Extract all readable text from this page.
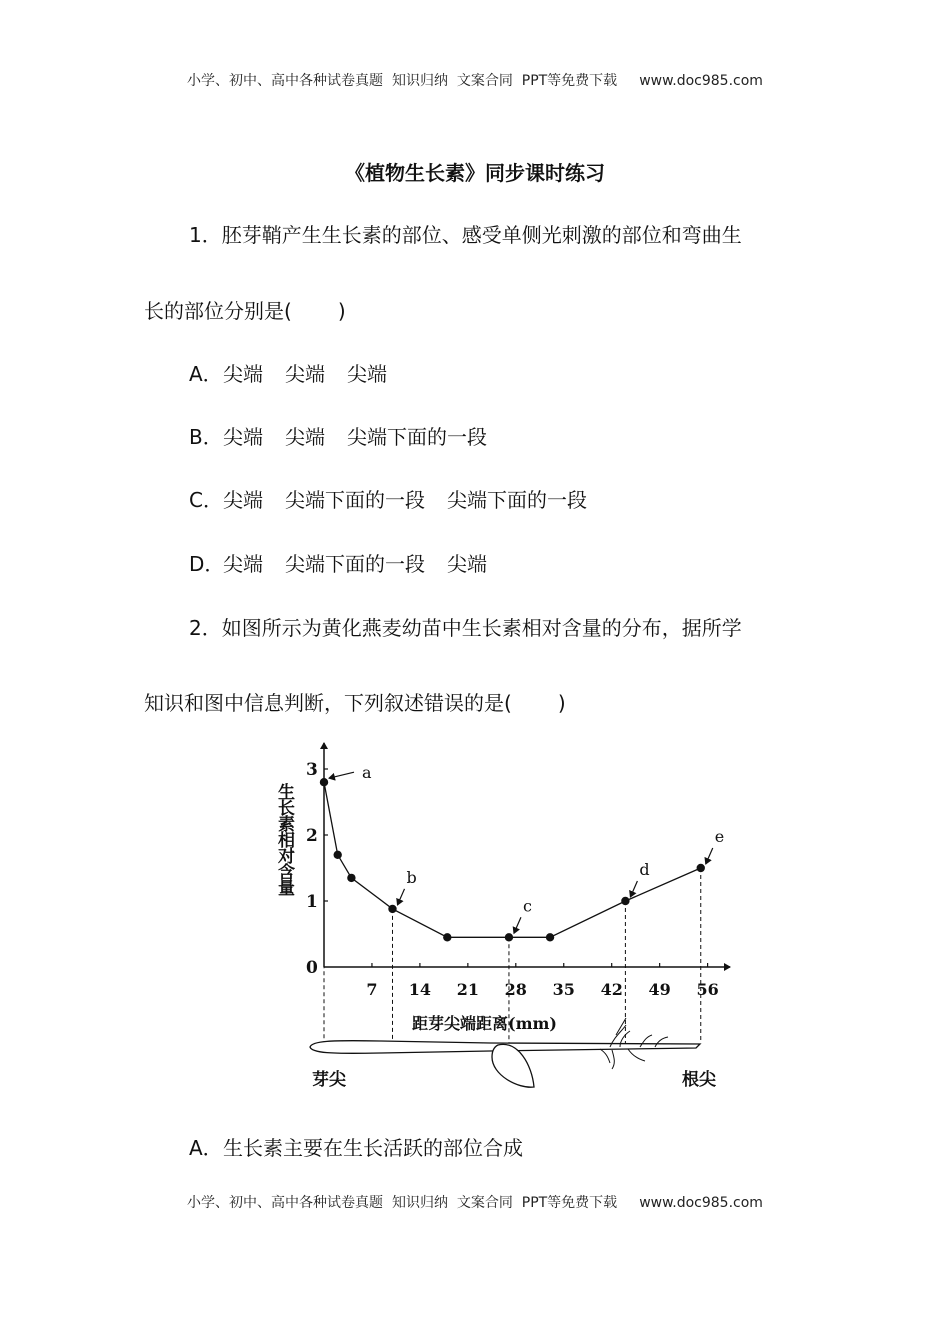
小学、初中、高中各种试卷真题  知识归纳  文案合同  PPT等免费下载 www.doc985.com
《植物生长素》同步课时练习
1．胚芽鞘产生生长素的部位、感受单侧光刺激的部位和弯曲生
长的部位分别是( )
A．尖端 尖端 尖端
B．尖端 尖端 尖端下面的一段
C．尖端 尖端下面的一段 尖端下面的一段
D．尖端 尖端下面的一段 尖端
2．如图所示为黄化燕麦幼苗中生长素相对含量的分布，据所学
知识和图中信息判断，下列叙述错误的是( )
生长素相对含量
距芽尖端距离(mm)
0
1
2
3
7 14 21 28 35 42 49 56
a
b
c
d
e
芽尖	根尖
A．生长素主要在生长活跃的部位合成
小学、初中、高中各种试卷真题  知识归纳  文案合同  PPT等免费下载 www.doc985.com
